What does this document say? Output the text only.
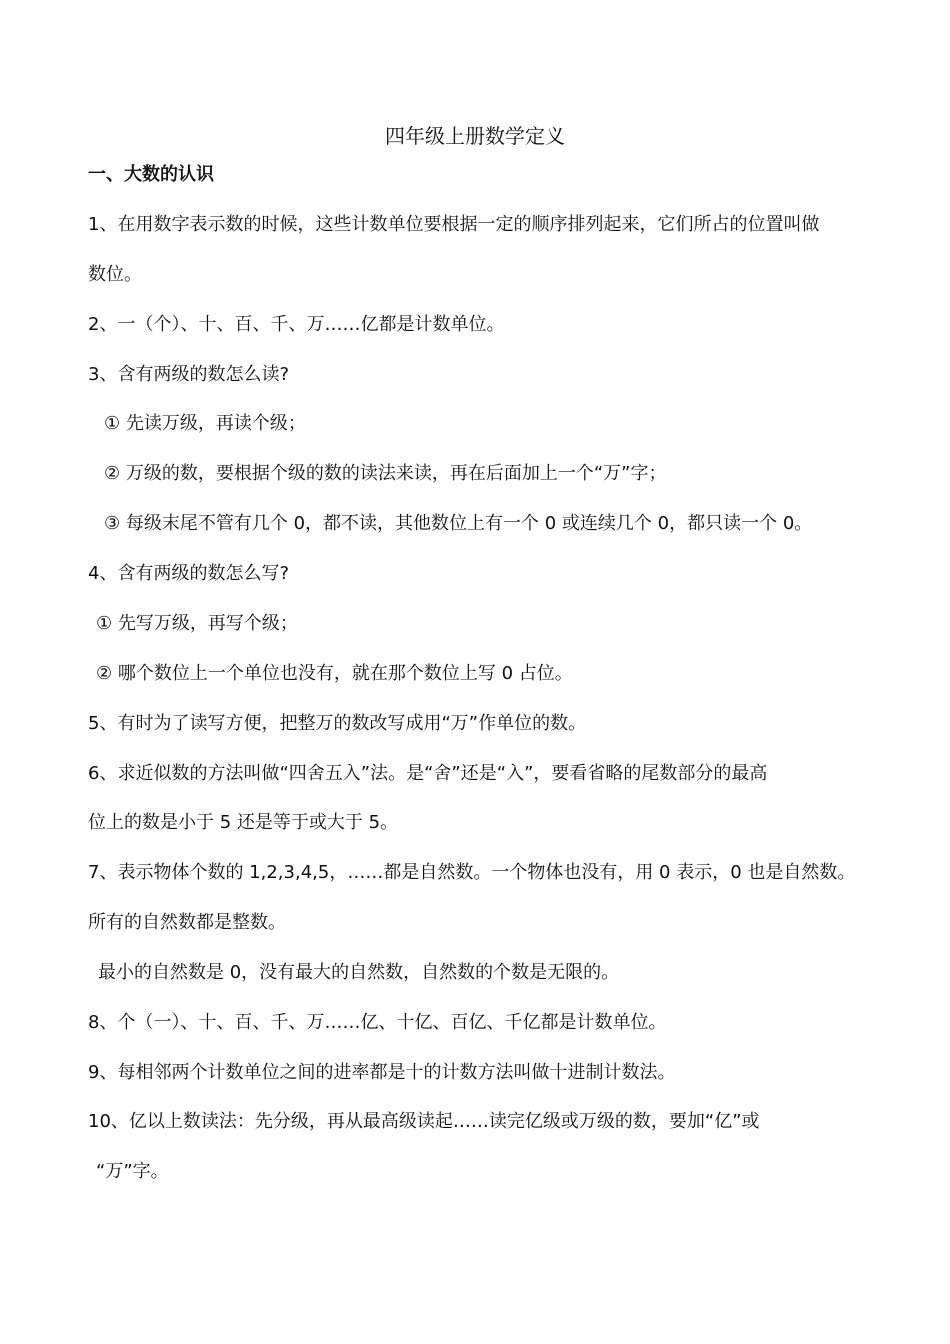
四年级上册数学定义
一、大数的认识
1、在用数字表示数的时候，这些计数单位要根据一定的顺序排列起来，它们所占的位置叫做
数位。
2、一（个）、十、百、千、万……亿都是计数单位。
3、含有两级的数怎么读?
① 先读万级，再读个级；
② 万级的数，要根据个级的数的读法来读，再在后面加上一个“万”字；
③ 每级末尾不管有几个 0，都不读，其他数位上有一个 0 或连续几个 0，都只读一个 0。
4、含有两级的数怎么写?
① 先写万级，再写个级；
② 哪个数位上一个单位也没有，就在那个数位上写 0 占位。
5、有时为了读写方便，把整万的数改写成用“万”作单位的数。
6、求近似数的方法叫做“四舍五入”法。是“舍”还是“入”，要看省略的尾数部分的最高
位上的数是小于 5 还是等于或大于 5。
7、表示物体个数的 1,2,3,4,5，……都是自然数。一个物体也没有，用 0 表示，0 也是自然数。
所有的自然数都是整数。
最小的自然数是 0，没有最大的自然数，自然数的个数是无限的。
8、个（一）、十、百、千、万……亿、十亿、百亿、千亿都是计数单位。
9、每相邻两个计数单位之间的进率都是十的计数方法叫做十进制计数法。
10、亿以上数读法：先分级，再从最高级读起……读完亿级或万级的数，要加“亿”或
“万”字。
